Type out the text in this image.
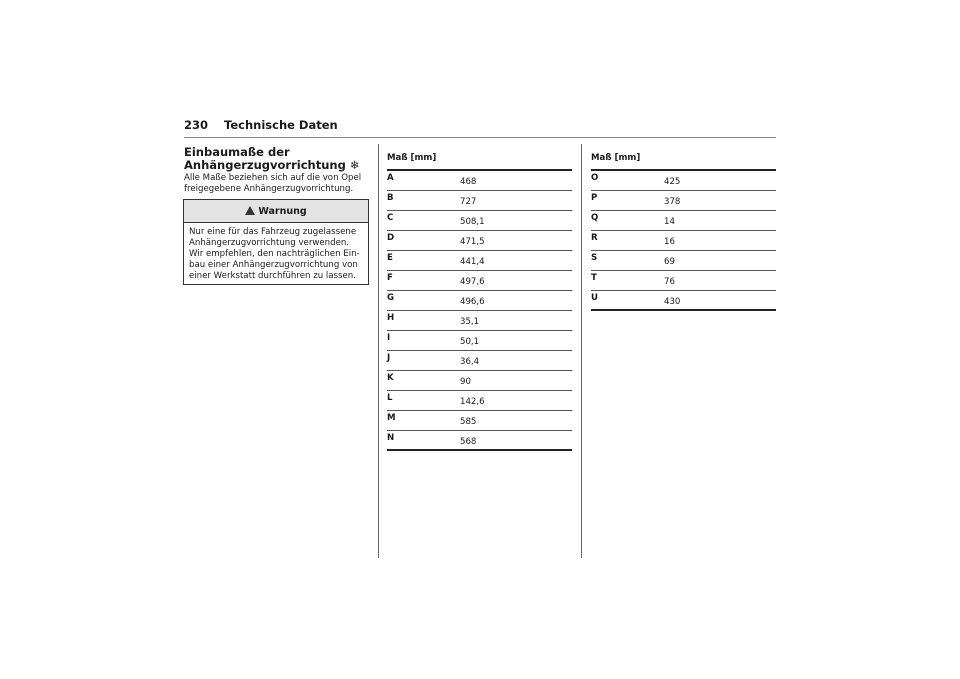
230 Technische Daten
Einbaumaße der
Anhängerzugvorrichtung ❄
Alle Maße beziehen sich auf die von Opel freigegebene Anhängerzugvorrichtung.
Warnung
Nur eine für das Fahrzeug zugelassene Anhängerzugvorrichtung verwenden. Wir empfehlen, den nachträglichen Einbau einer Anhängerzugvorrichtung von einer Werkstatt durchführen zu lassen.
Maß [mm]
A	468
B	727
C	508,1
D	471,5
E	441,4
F	497,6
G	496,6
H	35,1
I	50,1
J	36,4
K	90
L	142,6
M	585
N	568
Maß [mm]
O	425
P	378
Q	14
R	16
S	69
T	76
U	430
